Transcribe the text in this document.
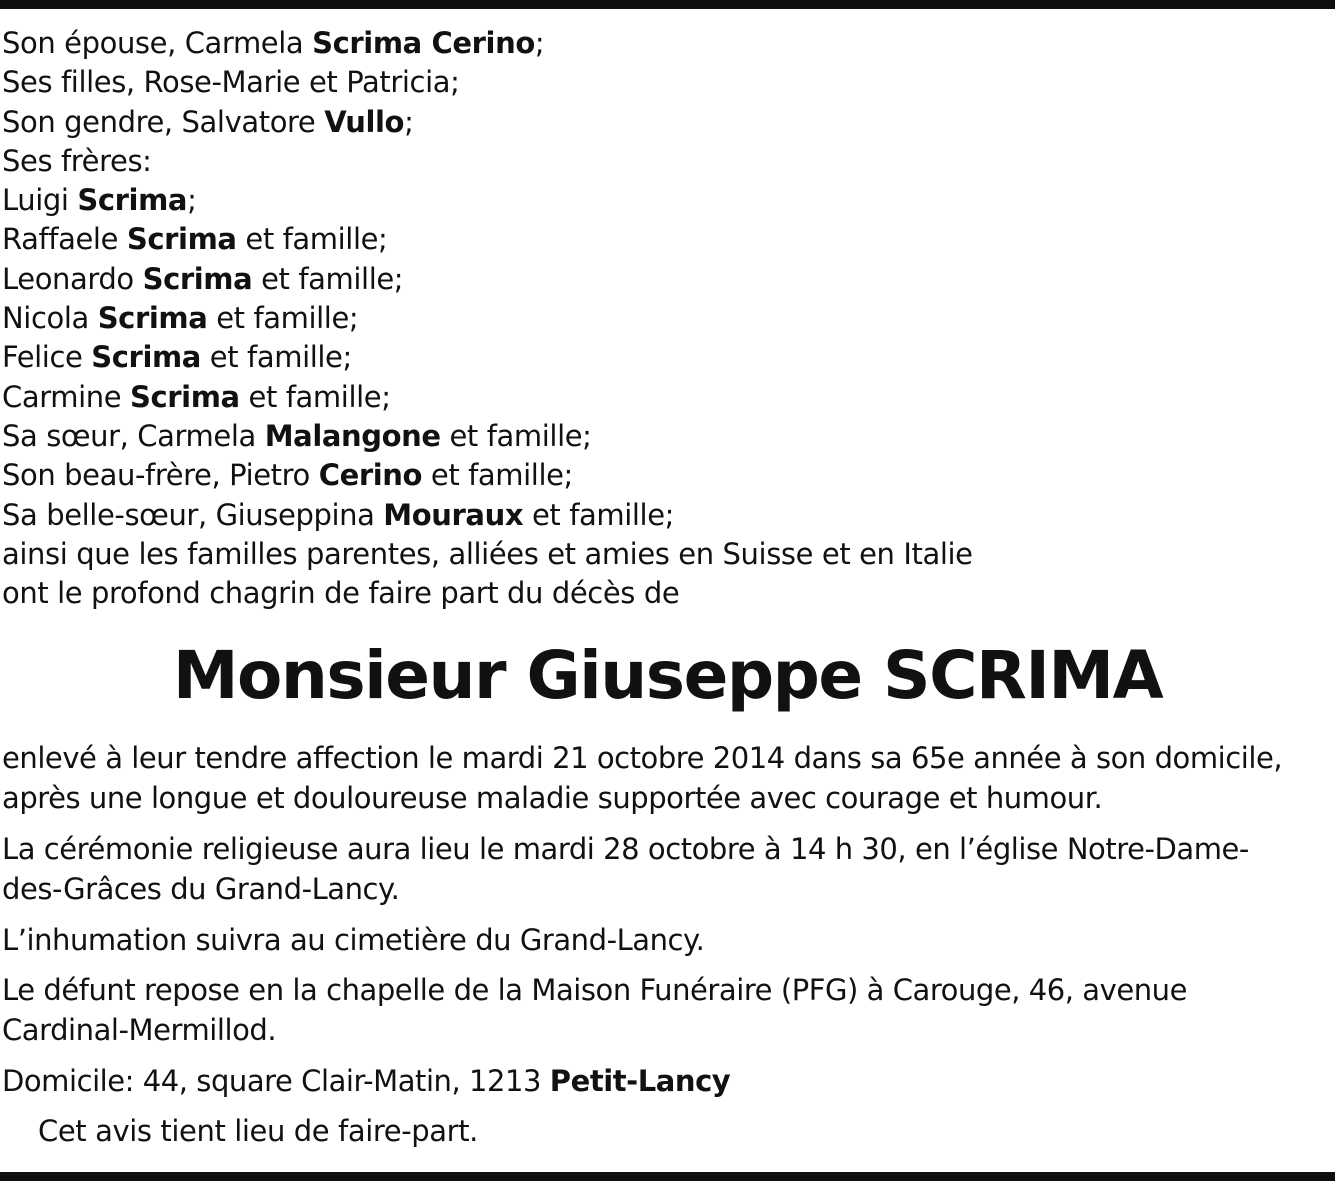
Son épouse, Carmela Scrima Cerino;
Ses filles, Rose-Marie et Patricia;
Son gendre, Salvatore Vullo;
Ses frères:
Luigi Scrima;
Raffaele Scrima et famille;
Leonardo Scrima et famille;
Nicola Scrima et famille;
Felice Scrima et famille;
Carmine Scrima et famille;
Sa sœur, Carmela Malangone et famille;
Son beau-frère, Pietro Cerino et famille;
Sa belle-sœur, Giuseppina Mouraux et famille;
ainsi que les familles parentes, alliées et amies en Suisse et en Italie
ont le profond chagrin de faire part du décès de
Monsieur Giuseppe SCRIMA
enlevé à leur tendre affection le mardi 21 octobre 2014 dans sa 65e année à son domicile,
après une longue et douloureuse maladie supportée avec courage et humour.
La cérémonie religieuse aura lieu le mardi 28 octobre à 14 h 30, en l’église Notre-Dame-
des-Grâces du Grand-Lancy.
L’inhumation suivra au cimetière du Grand-Lancy.
Le défunt repose en la chapelle de la Maison Funéraire (PFG) à Carouge, 46, avenue
Cardinal-Mermillod.
Domicile: 44, square Clair-Matin, 1213 Petit-Lancy
Cet avis tient lieu de faire-part.
